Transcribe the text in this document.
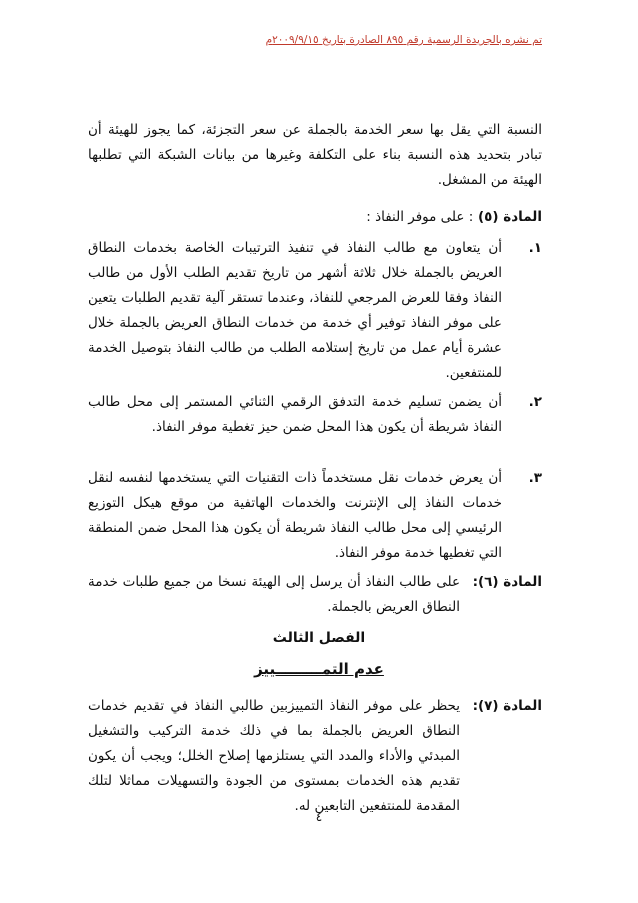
تم نشره بالجريدة الرسمية رقم ٨٩٥ الصادرة بتاريخ ٢٠٠٩/٩/١٥م
النسبة التي يقل بها سعر الخدمة بالجملة عن سعر التجزئة، كما يجوز للهيئة أن تبادر بتحديد هذه النسبة بناء على التكلفة وغيرها من بيانات الشبكة التي تطلبها الهيئة من المشغل.
المادة (٥) : على موفر النفاذ :
١.
أن يتعاون مع طالب النفاذ في تنفيذ الترتيبات الخاصة بخدمات النطاق العريض بالجملة خلال ثلاثة أشهر من تاريخ تقديم الطلب الأول من طالب النفاذ وفقا للعرض المرجعي للنفاذ، وعندما تستقر آلية تقديم الطلبات يتعين على موفر النفاذ توفير أي خدمة من خدمات النطاق العريض بالجملة خلال عشرة أيام عمل من تاريخ إستلامه الطلب من طالب النفاذ بتوصيل الخدمة للمنتفعين.
٢.
أن يضمن تسليم خدمة التدفق الرقمي الثنائي المستمر إلى محل طالب النفاذ شريطة أن يكون هذا المحل ضمن حيز تغطية موفر النفاذ.
٣.
أن يعرض خدمات نقل مستخدماً ذات التقنيات التي يستخدمها لنفسه لنقل خدمات النفاذ إلى الإنترنت والخدمات الهاتفية من موقع هيكل التوزيع الرئيسي إلى محل طالب النفاذ شريطة أن يكون هذا المحل ضمن المنطقة التي تغطيها خدمة موفر النفاذ.
المادة (٦):
على طالب النفاذ أن يرسل إلى الهيئة نسخا من جميع طلبات خدمة النطاق العريض بالجملة.
الفصل الثالث
عدم التمـــــــــييز
المادة (٧):
يحظر على موفر النفاذ التمييزبين طالبي النفاذ في تقديم خدمات النطاق العريض بالجملة بما في ذلك خدمة التركيب والتشغيل المبدئي والأداء والمدد التي يستلزمها إصلاح الخلل؛ ويجب أن يكون تقديم هذه الخدمات بمستوى من الجودة والتسهيلات مماثلا لتلك المقدمة للمنتفعين التابعين له.
٤
